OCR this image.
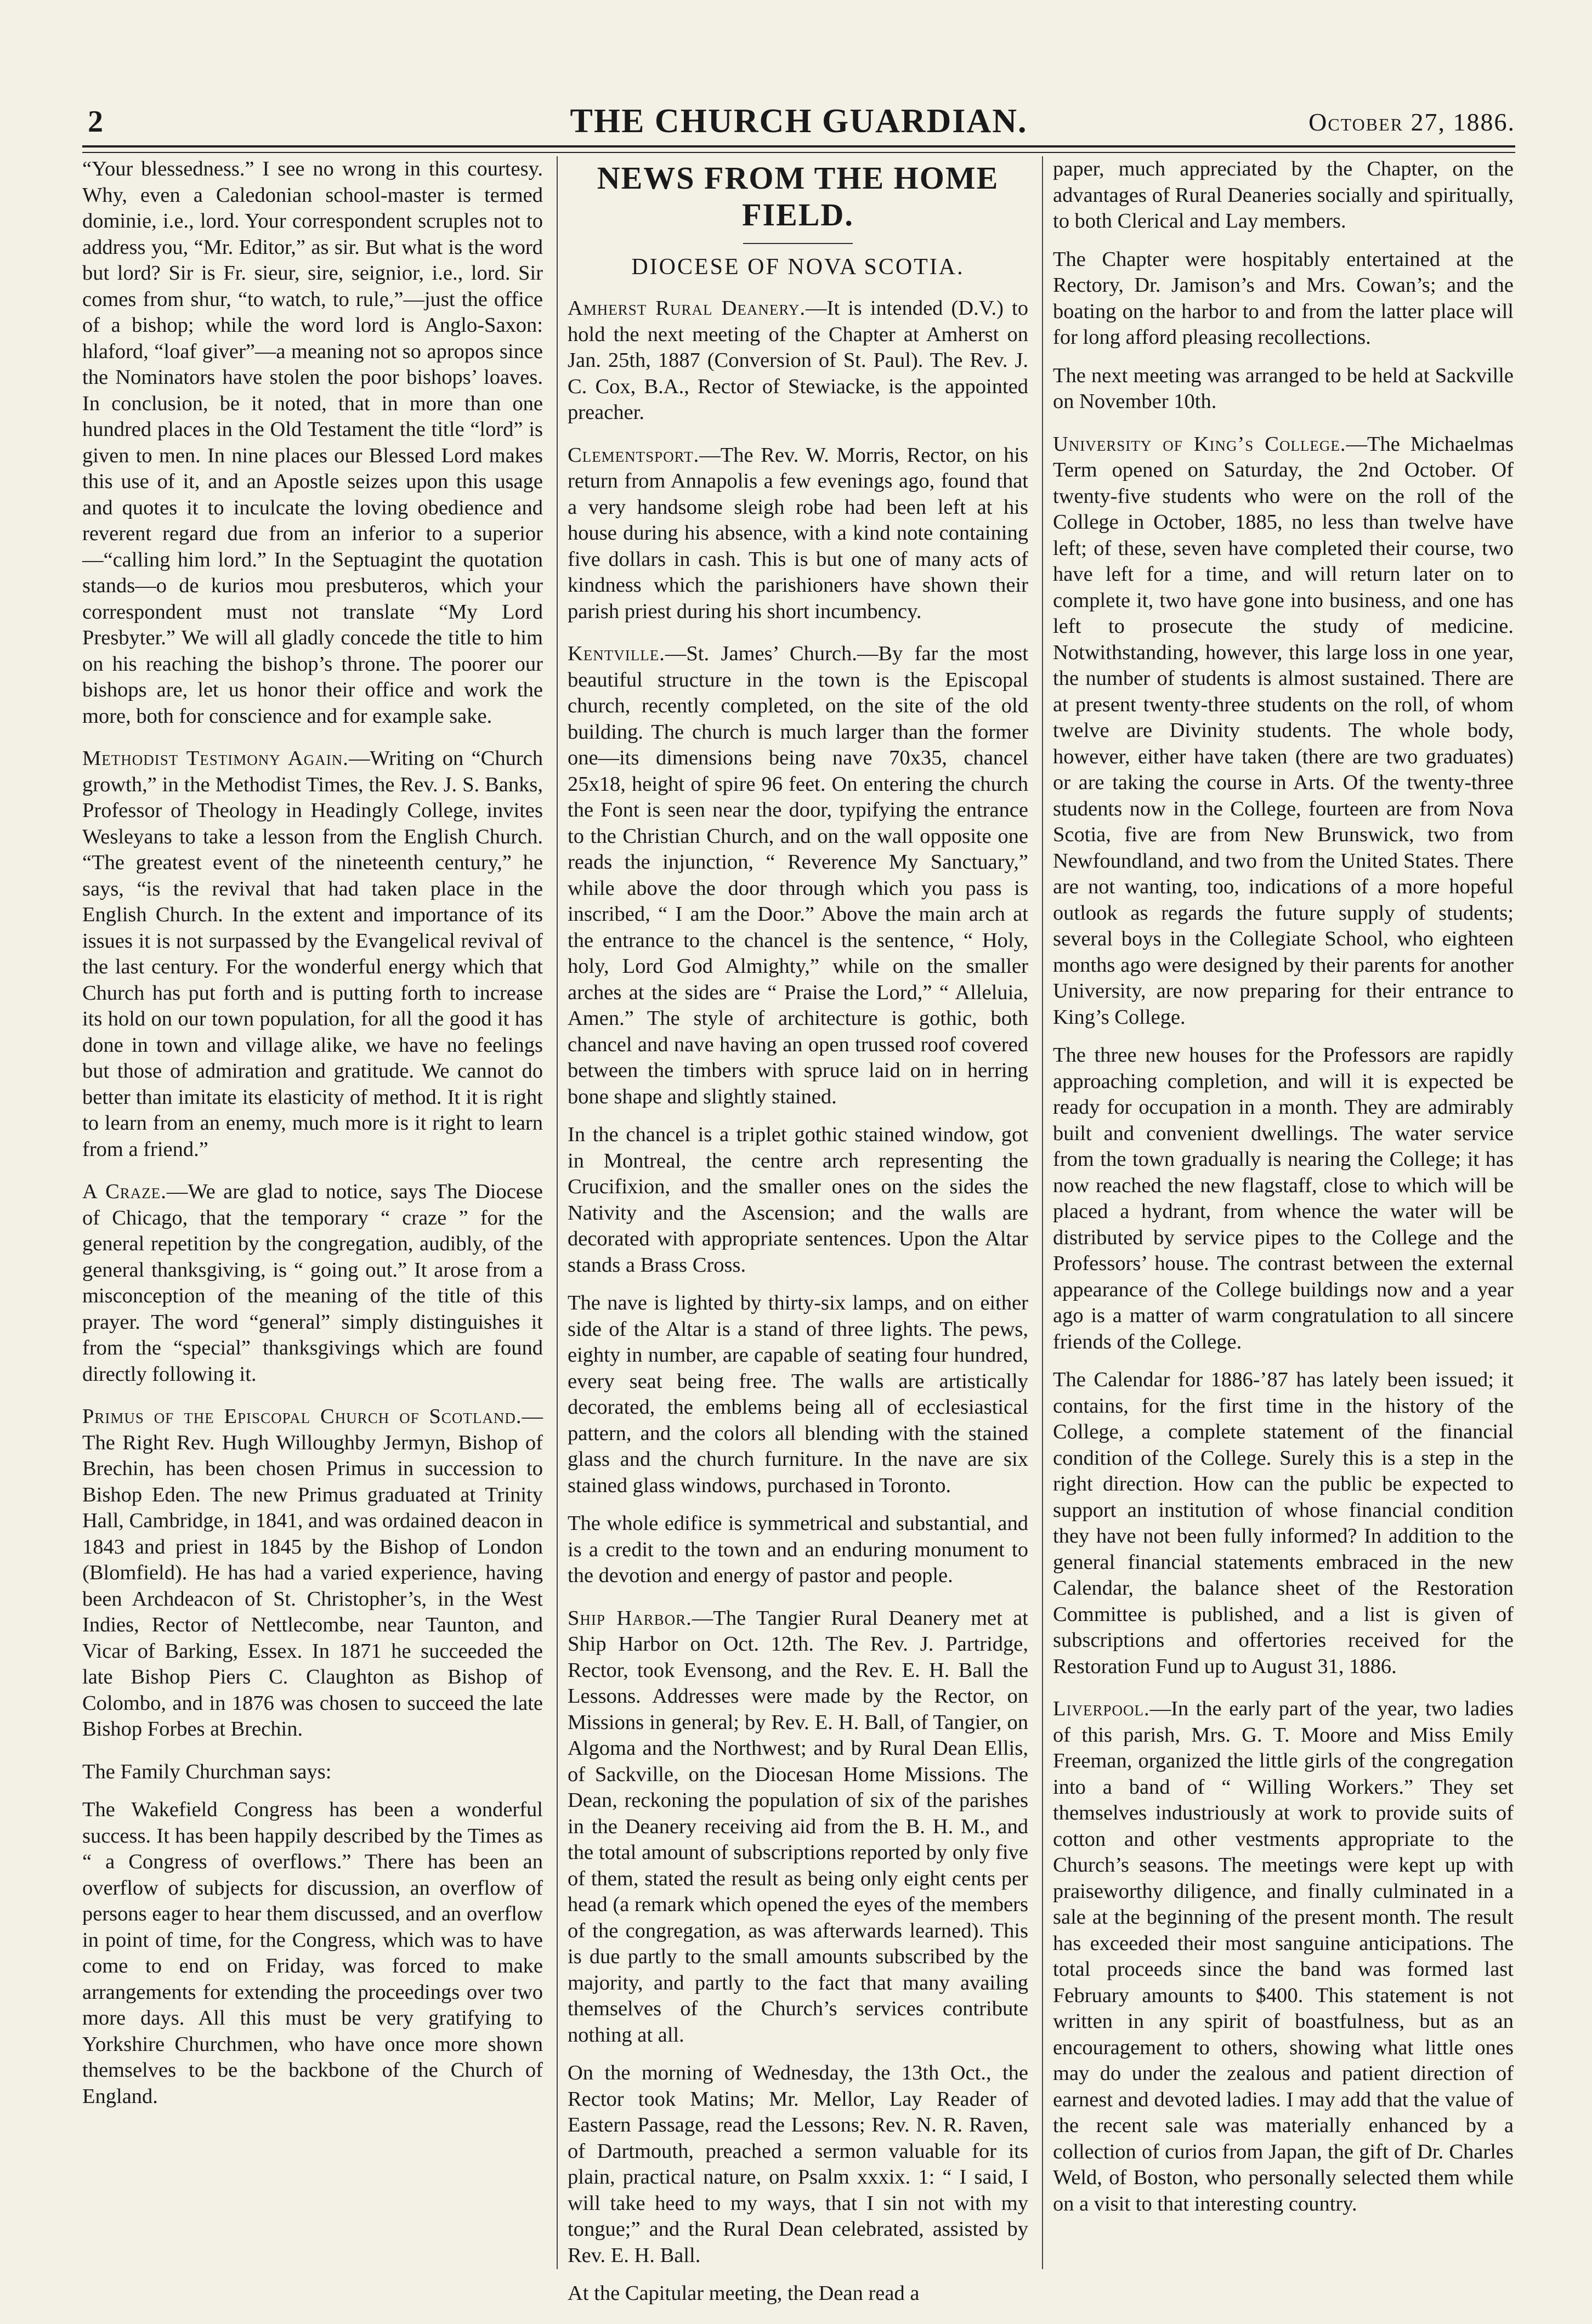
2	THE CHURCH GUARDIAN.	October 27, 1886.

“Your blessedness.” I see no wrong in this courtesy. Why, even a Caledonian school-master is termed dominie, i.e., lord. Your correspondent scruples not to address you, “Mr. Editor,” as sir. But what is the word but lord? Sir is Fr. sieur, sire, seignior, i.e., lord. Sir comes from shur, “to watch, to rule,”—just the office of a bishop; while the word lord is Anglo-Saxon: hlaford, “loaf giver”—a meaning not so apropos since the Nominators have stolen the poor bishops’ loaves. In conclusion, be it noted, that in more than one hundred places in the Old Testament the title “lord” is given to men. In nine places our Blessed Lord makes this use of it, and an Apostle seizes upon this usage and quotes it to inculcate the loving obedience and reverent regard due from an inferior to a superior—“calling him lord.” In the Septuagint the quotation stands—o de kurios mou presbuteros, which your correspondent must not translate “My Lord Presbyter.” We will all gladly concede the title to him on his reaching the bishop’s throne. The poorer our bishops are, let us honor their office and work the more, both for conscience and for example sake.

Methodist Testimony Again.—Writing on “Church growth,” in the Methodist Times, the Rev. J. S. Banks, Professor of Theology in Headingly College, invites Wesleyans to take a lesson from the English Church. “The greatest event of the nineteenth century,” he says, “is the revival that had taken place in the English Church. In the extent and importance of its issues it is not surpassed by the Evangelical revival of the last century. For the wonderful energy which that Church has put forth and is putting forth to increase its hold on our town population, for all the good it has done in town and village alike, we have no feelings but those of admiration and gratitude. We cannot do better than imitate its elasticity of method. It it is right to learn from an enemy, much more is it right to learn from a friend.”

A Craze.—We are glad to notice, says The Diocese of Chicago, that the temporary “ craze ” for the general repetition by the congregation, audibly, of the general thanksgiving, is “ going out.” It arose from a misconception of the meaning of the title of this prayer. The word “general” simply distinguishes it from the “special” thanksgivings which are found directly following it.

Primus of the Episcopal Church of Scotland.—The Right Rev. Hugh Willoughby Jermyn, Bishop of Brechin, has been chosen Primus in succession to Bishop Eden. The new Primus graduated at Trinity Hall, Cambridge, in 1841, and was ordained deacon in 1843 and priest in 1845 by the Bishop of London (Blomfield). He has had a varied experience, having been Archdeacon of St. Christopher’s, in the West Indies, Rector of Nettlecombe, near Taunton, and Vicar of Barking, Essex. In 1871 he succeeded the late Bishop Piers C. Claughton as Bishop of Colombo, and in 1876 was chosen to succeed the late Bishop Forbes at Brechin.

The Family Churchman says:

The Wakefield Congress has been a wonderful success. It has been happily described by the Times as “ a Congress of overflows.” There has been an overflow of subjects for discussion, an overflow of persons eager to hear them discussed, and an overflow in point of time, for the Congress, which was to have come to end on Friday, was forced to make arrangements for extending the proceedings over two more days. All this must be very gratifying to Yorkshire Churchmen, who have once more shown themselves to be the backbone of the Church of England.

NEWS FROM THE HOME FIELD.
DIOCESE OF NOVA SCOTIA.

Amherst Rural Deanery.—It is intended (D.V.) to hold the next meeting of the Chapter at Amherst on Jan. 25th, 1887 (Conversion of St. Paul). The Rev. J. C. Cox, B.A., Rector of Stewiacke, is the appointed preacher.

Clementsport.—The Rev. W. Morris, Rector, on his return from Annapolis a few evenings ago, found that a very handsome sleigh robe had been left at his house during his absence, with a kind note containing five dollars in cash. This is but one of many acts of kindness which the parishioners have shown their parish priest during his short incumbency.

Kentville.—St. James’ Church.—By far the most beautiful structure in the town is the Episcopal church, recently completed, on the site of the old building. The church is much larger than the former one—its dimensions being nave 70x35, chancel 25x18, height of spire 96 feet. On entering the church the Font is seen near the door, typifying the entrance to the Christian Church, and on the wall opposite one reads the injunction, “ Reverence My Sanctuary,” while above the door through which you pass is inscribed, “ I am the Door.” Above the main arch at the entrance to the chancel is the sentence, “ Holy, holy, Lord God Almighty,” while on the smaller arches at the sides are “ Praise the Lord,” “ Alleluia, Amen.” The style of architecture is gothic, both chancel and nave having an open trussed roof covered between the timbers with spruce laid on in herring bone shape and slightly stained.

In the chancel is a triplet gothic stained window, got in Montreal, the centre arch representing the Crucifixion, and the smaller ones on the sides the Nativity and the Ascension; and the walls are decorated with appropriate sentences. Upon the Altar stands a Brass Cross.

The nave is lighted by thirty-six lamps, and on either side of the Altar is a stand of three lights. The pews, eighty in number, are capable of seating four hundred, every seat being free. The walls are artistically decorated, the emblems being all of ecclesiastical pattern, and the colors all blending with the stained glass and the church furniture. In the nave are six stained glass windows, purchased in Toronto.

The whole edifice is symmetrical and substantial, and is a credit to the town and an enduring monument to the devotion and energy of pastor and people.

Ship Harbor.—The Tangier Rural Deanery met at Ship Harbor on Oct. 12th. The Rev. J. Partridge, Rector, took Evensong, and the Rev. E. H. Ball the Lessons. Addresses were made by the Rector, on Missions in general; by Rev. E. H. Ball, of Tangier, on Algoma and the Northwest; and by Rural Dean Ellis, of Sackville, on the Diocesan Home Missions. The Dean, reckoning the population of six of the parishes in the Deanery receiving aid from the B. H. M., and the total amount of subscriptions reported by only five of them, stated the result as being only eight cents per head (a remark which opened the eyes of the members of the congregation, as was afterwards learned). This is due partly to the small amounts subscribed by the majority, and partly to the fact that many availing themselves of the Church’s services contribute nothing at all.

On the morning of Wednesday, the 13th Oct., the Rector took Matins; Mr. Mellor, Lay Reader of Eastern Passage, read the Lessons; Rev. N. R. Raven, of Dartmouth, preached a sermon valuable for its plain, practical nature, on Psalm xxxix. 1: “ I said, I will take heed to my ways, that I sin not with my tongue;” and the Rural Dean celebrated, assisted by Rev. E. H. Ball.

At the Capitular meeting, the Dean read a

paper, much appreciated by the Chapter, on the advantages of Rural Deaneries socially and spiritually, to both Clerical and Lay members.

The Chapter were hospitably entertained at the Rectory, Dr. Jamison’s and Mrs. Cowan’s; and the boating on the harbor to and from the latter place will for long afford pleasing recollections.

The next meeting was arranged to be held at Sackville on November 10th.

University of King’s College.—The Michaelmas Term opened on Saturday, the 2nd October. Of twenty-five students who were on the roll of the College in October, 1885, no less than twelve have left; of these, seven have completed their course, two have left for a time, and will return later on to complete it, two have gone into business, and one has left to prosecute the study of medicine. Notwithstanding, however, this large loss in one year, the number of students is almost sustained. There are at present twenty-three students on the roll, of whom twelve are Divinity students. The whole body, however, either have taken (there are two graduates) or are taking the course in Arts. Of the twenty-three students now in the College, fourteen are from Nova Scotia, five are from New Brunswick, two from Newfoundland, and two from the United States. There are not wanting, too, indications of a more hopeful outlook as regards the future supply of students; several boys in the Collegiate School, who eighteen months ago were designed by their parents for another University, are now preparing for their entrance to King’s College.

The three new houses for the Professors are rapidly approaching completion, and will it is expected be ready for occupation in a month. They are admirably built and convenient dwellings. The water service from the town gradually is nearing the College; it has now reached the new flagstaff, close to which will be placed a hydrant, from whence the water will be distributed by service pipes to the College and the Professors’ house. The contrast between the external appearance of the College buildings now and a year ago is a matter of warm congratulation to all sincere friends of the College.

The Calendar for 1886-’87 has lately been issued; it contains, for the first time in the history of the College, a complete statement of the financial condition of the College. Surely this is a step in the right direction. How can the public be expected to support an institution of whose financial condition they have not been fully informed? In addition to the general financial statements embraced in the new Calendar, the balance sheet of the Restoration Committee is published, and a list is given of subscriptions and offertories received for the Restoration Fund up to August 31, 1886.

Liverpool.—In the early part of the year, two ladies of this parish, Mrs. G. T. Moore and Miss Emily Freeman, organized the little girls of the congregation into a band of “ Willing Workers.” They set themselves industriously at work to provide suits of cotton and other vestments appropriate to the Church’s seasons. The meetings were kept up with praiseworthy diligence, and finally culminated in a sale at the beginning of the present month. The result has exceeded their most sanguine anticipations. The total proceeds since the band was formed last February amounts to $400. This statement is not written in any spirit of boastfulness, but as an encouragement to others, showing what little ones may do under the zealous and patient direction of earnest and devoted ladies. I may add that the value of the recent sale was materially enhanced by a collection of curios from Japan, the gift of Dr. Charles Weld, of Boston, who personally selected them while on a visit to that interesting country.
